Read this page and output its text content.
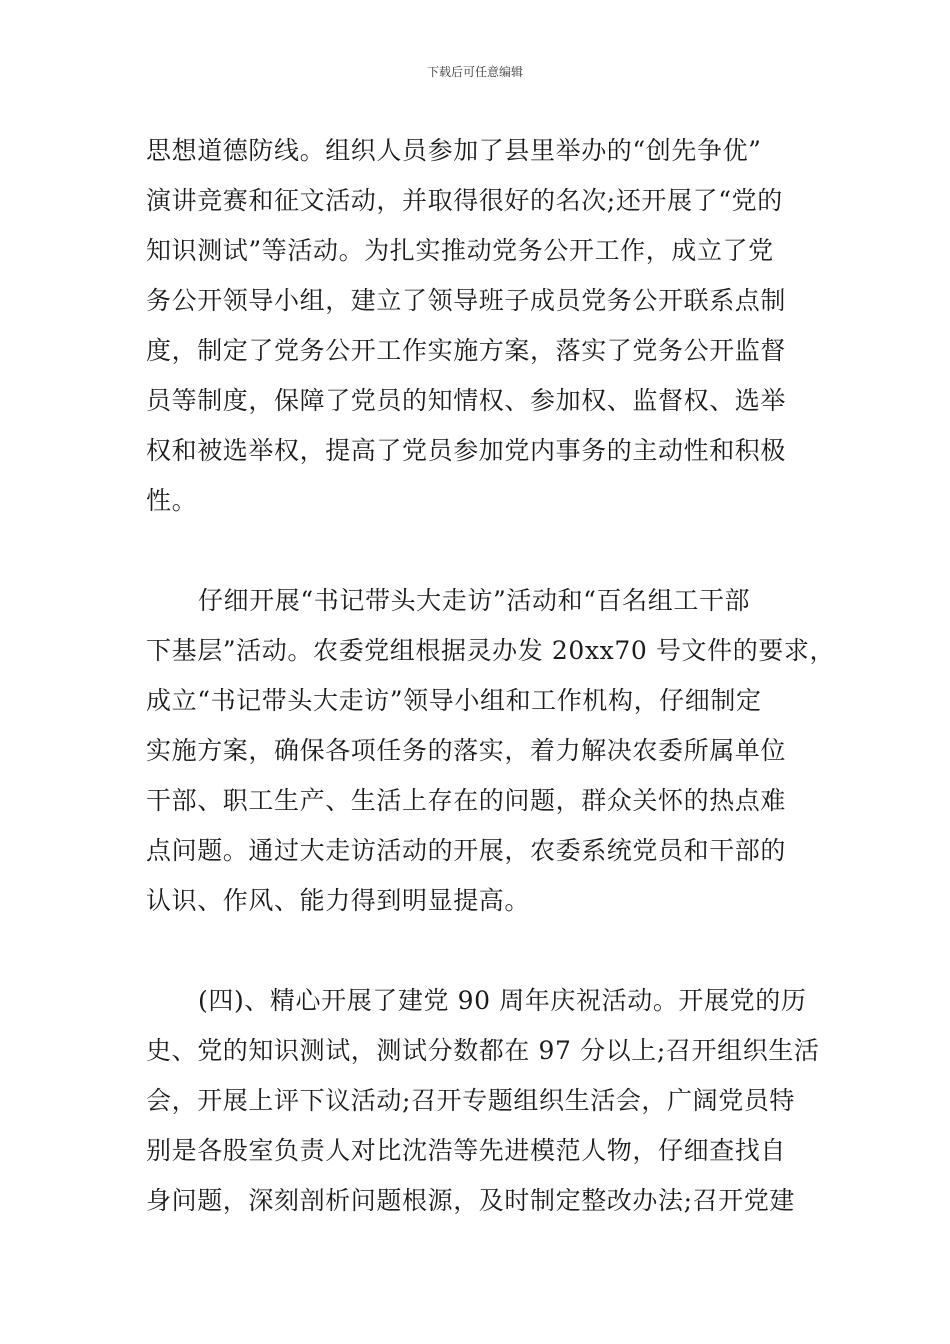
下载后可任意编辑
思想道德防线。组织人员参加了县里举办的“创先争优”
演讲竞赛和征文活动，并取得很好的名次;还开展了“党的
知识测试”等活动。为扎实推动党务公开工作，成立了党
务公开领导小组，建立了领导班子成员党务公开联系点制
度，制定了党务公开工作实施方案，落实了党务公开监督
员等制度，保障了党员的知情权、参加权、监督权、选举
权和被选举权，提高了党员参加党内事务的主动性和积极
性。
仔细开展“书记带头大走访”活动和“百名组工干部
下基层”活动。农委党组根据灵办发 20xx70 号文件的要求，
成立“书记带头大走访”领导小组和工作机构，仔细制定
实施方案，确保各项任务的落实，着力解决农委所属单位
干部、职工生产、生活上存在的问题，群众关怀的热点难
点问题。通过大走访活动的开展，农委系统党员和干部的
认识、作风、能力得到明显提高。
(四)、精心开展了建党 90 周年庆祝活动。开展党的历
史、党的知识测试，测试分数都在 97 分以上;召开组织生活
会，开展上评下议活动;召开专题组织生活会，广阔党员特
别是各股室负责人对比沈浩等先进模范人物，仔细查找自
身问题，深刻剖析问题根源，及时制定整改办法;召开党建
